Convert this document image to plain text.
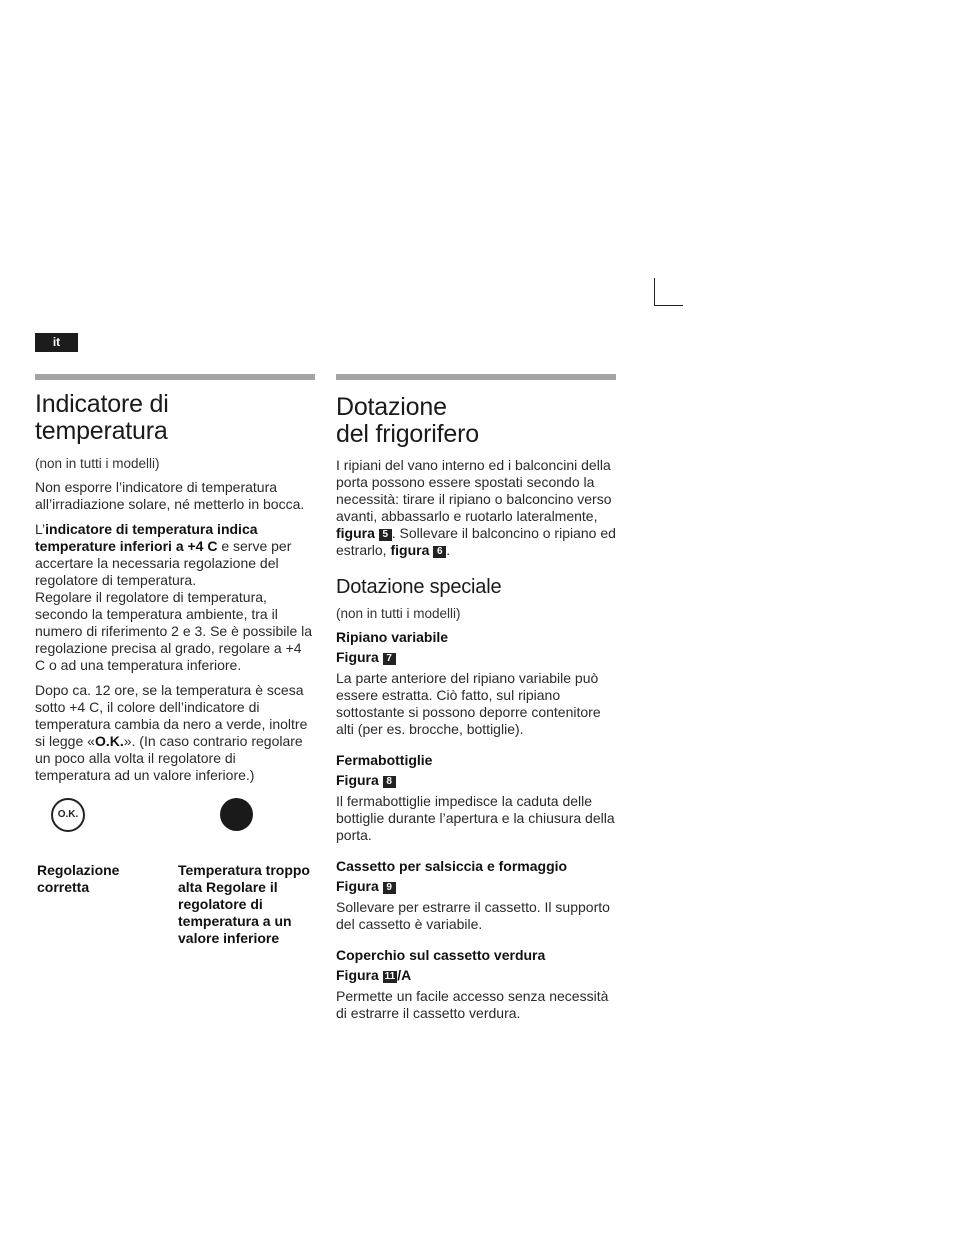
it
Indicatore di
temperatura

(non in tutti i modelli)

Non esporre l’indicatore di temperatura all’irradiazione solare, né metterlo in bocca.

L’indicatore di temperatura indica temperature inferiori a +4 C e serve per accertare la necessaria regolazione del regolatore di temperatura.

Regolare il regolatore di temperatura, secondo la temperatura ambiente, tra il numero di riferimento 2 e 3. Se è possibile la regolazione precisa al grado, regolare a +4 C o ad una temperatura inferiore.

Dopo ca. 12 ore, se la temperatura è scesa sotto +4 C, il colore dell’indicatore di temperatura cambia da nero a verde, inoltre si legge «O.K.». (In caso contrario regolare un poco alla volta il regolatore di temperatura ad un valore inferiore.)

O.K.
Regolazione corretta
Temperatura troppo alta Regolare il regolatore di temperatura a un valore inferiore
Dotazione
del frigorifero

I ripiani del vano interno ed i balconcini della porta possono essere spostati secondo la necessità: tirare il ripiano o balconcino verso avanti, abbassarlo e ruotarlo lateralmente, figura 5 . Sollevare il balconcino o ripiano ed estrarlo, figura 6 .

Dotazione speciale

(non in tutti i modelli)

Ripiano variabile
Figura 7

La parte anteriore del ripiano variabile può essere estratta. Ciò fatto, sul ripiano sottostante si possono deporre contenitore alti (per es. brocche, bottiglie).

Fermabottiglie
Figura 8

Il fermabottiglie impedisce la caduta delle bottiglie durante l’apertura e la chiusura della porta.

Cassetto per salsiccia e formaggio
Figura 9

Sollevare per estrarre il cassetto. Il supporto del cassetto è variabile.

Coperchio sul cassetto verdura
Figura 11 /A

Permette un facile accesso senza necessità di estrarre il cassetto verdura.
